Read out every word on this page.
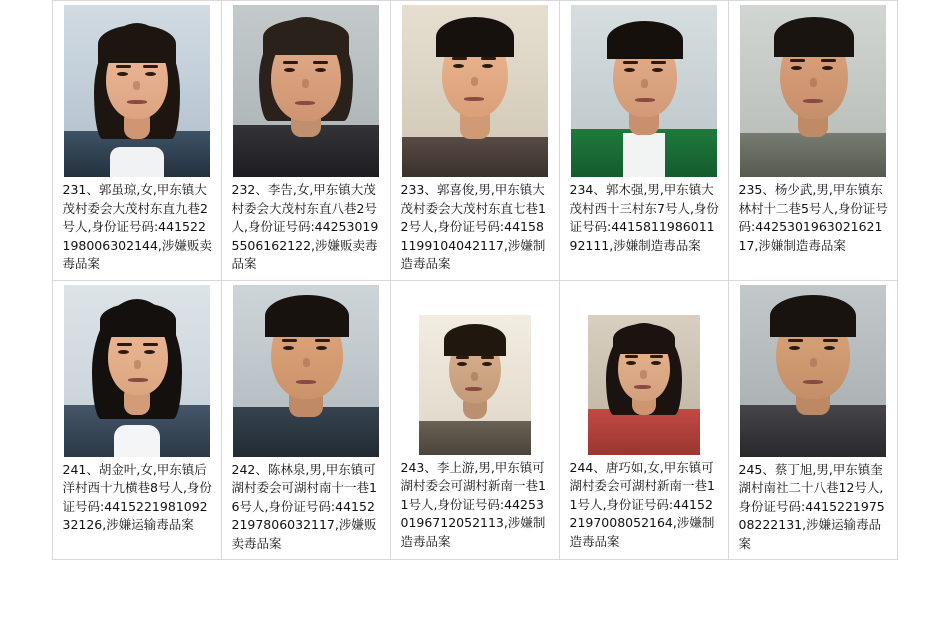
231、郭虽琼,女,甲东镇大茂村委会大茂村东直九巷2号人,身份证号码:441522198006302144,涉嫌贩卖毒品案	232、李告,女,甲东镇大茂村委会大茂村东直八巷2号人,身份证号码:442530195506162122,涉嫌贩卖毒品案	233、郭喜俊,男,甲东镇大茂村委会大茂村东直七巷12号人,身份证号码:441581199104042117,涉嫌制造毒品案	234、郭木强,男,甲东镇大茂村西十三村东7号人,身份证号码:441581198601192111,涉嫌制造毒品案	235、杨少武,男,甲东镇东林村十二巷5号人,身份证号码:442530196302162117,涉嫌制造毒品案

241、胡金叶,女,甲东镇后洋村西十九横巷8号人,身份证号码:441522198109232126,涉嫌运输毒品案	242、陈林泉,男,甲东镇可湖村委会可湖村南十一巷16号人,身份证号码:441522197806032117,涉嫌贩卖毒品案	243、李上游,男,甲东镇可湖村委会可湖村新南一巷11号人,身份证号码:442530196712052113,涉嫌制造毒品案	244、唐巧如,女,甲东镇可湖村委会可湖村新南一巷11号人,身份证号码:441522197008052164,涉嫌制造毒品案	245、蔡丁旭,男,甲东镇奎湖村南社二十八巷12号人,身份证号码:441522197508222131,涉嫌运输毒品案
